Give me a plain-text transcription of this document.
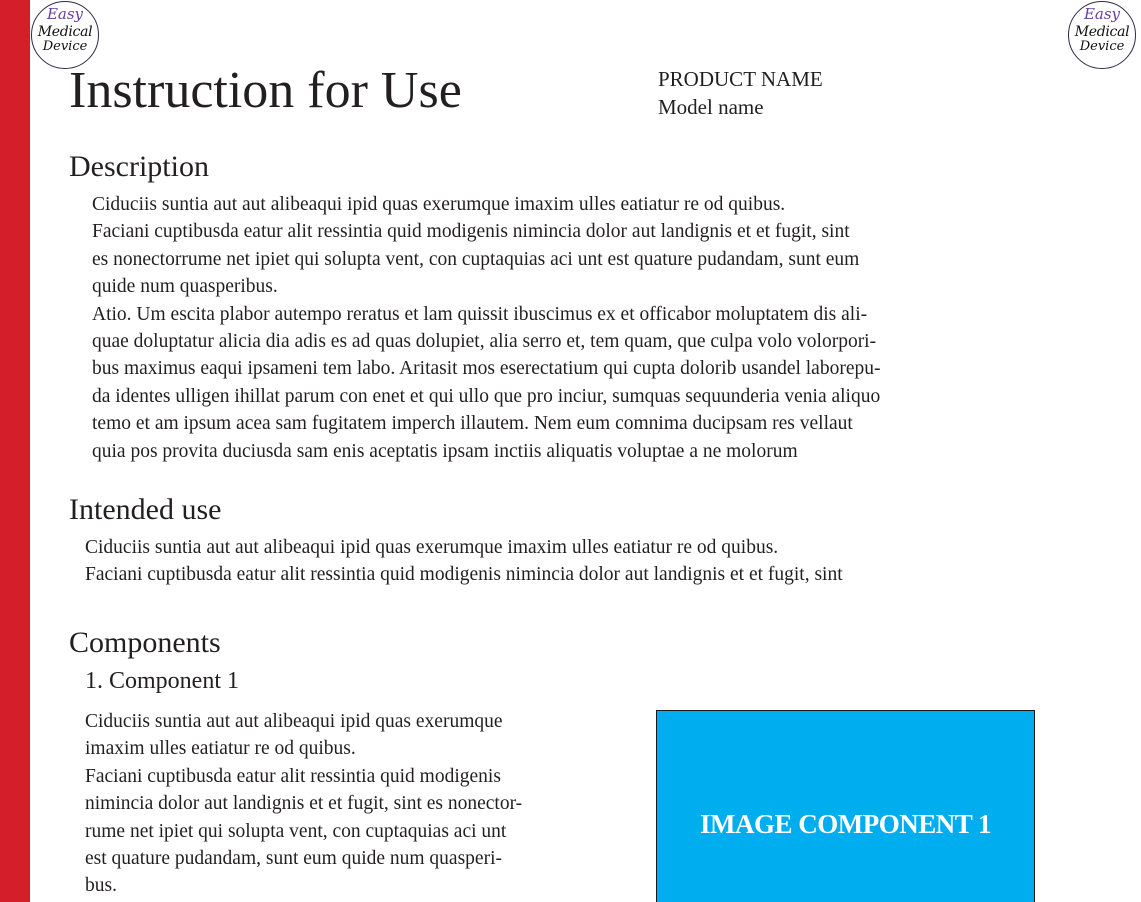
Easy
Medical
Device
Easy
Medical
Device
Instruction for Use	PRODUCT NAME
Model name
Description
Ciduciis suntia aut aut alibeaqui ipid quas exerumque imaxim ulles eatiatur re od quibus.
Faciani cuptibusda eatur alit ressintia quid modigenis nimincia dolor aut landignis et et fugit, sint
es nonectorrume net ipiet qui solupta vent, con cuptaquias aci unt est quature pudandam, sunt eum
quide num quasperibus.
Atio. Um escita plabor autempo reratus et lam quissit ibuscimus ex et officabor moluptatem dis ali-
quae doluptatur alicia dia adis es ad quas dolupiet, alia serro et, tem quam, que culpa volo volorpori-
bus maximus eaqui ipsameni tem labo. Aritasit mos eserectatium qui cupta dolorib usandel laborepu-
da identes ulligen ihillat parum con enet et qui ullo que pro inciur, sumquas sequunderia venia aliquo
temo et am ipsum acea sam fugitatem imperch illautem. Nem eum comnima ducipsam res vellaut
quia pos provita duciusda sam enis aceptatis ipsam inctiis aliquatis voluptae a ne molorum
Intended use
Ciduciis suntia aut aut alibeaqui ipid quas exerumque imaxim ulles eatiatur re od quibus.
Faciani cuptibusda eatur alit ressintia quid modigenis nimincia dolor aut landignis et et fugit, sint
Components
1. Component 1
Ciduciis suntia aut aut alibeaqui ipid quas exerumque
imaxim ulles eatiatur re od quibus.
Faciani cuptibusda eatur alit ressintia quid modigenis
nimincia dolor aut landignis et et fugit, sint es nonector-
rume net ipiet qui solupta vent, con cuptaquias aci unt
est quature pudandam, sunt eum quide num quasperi-
bus.
IMAGE COMPONENT 1
